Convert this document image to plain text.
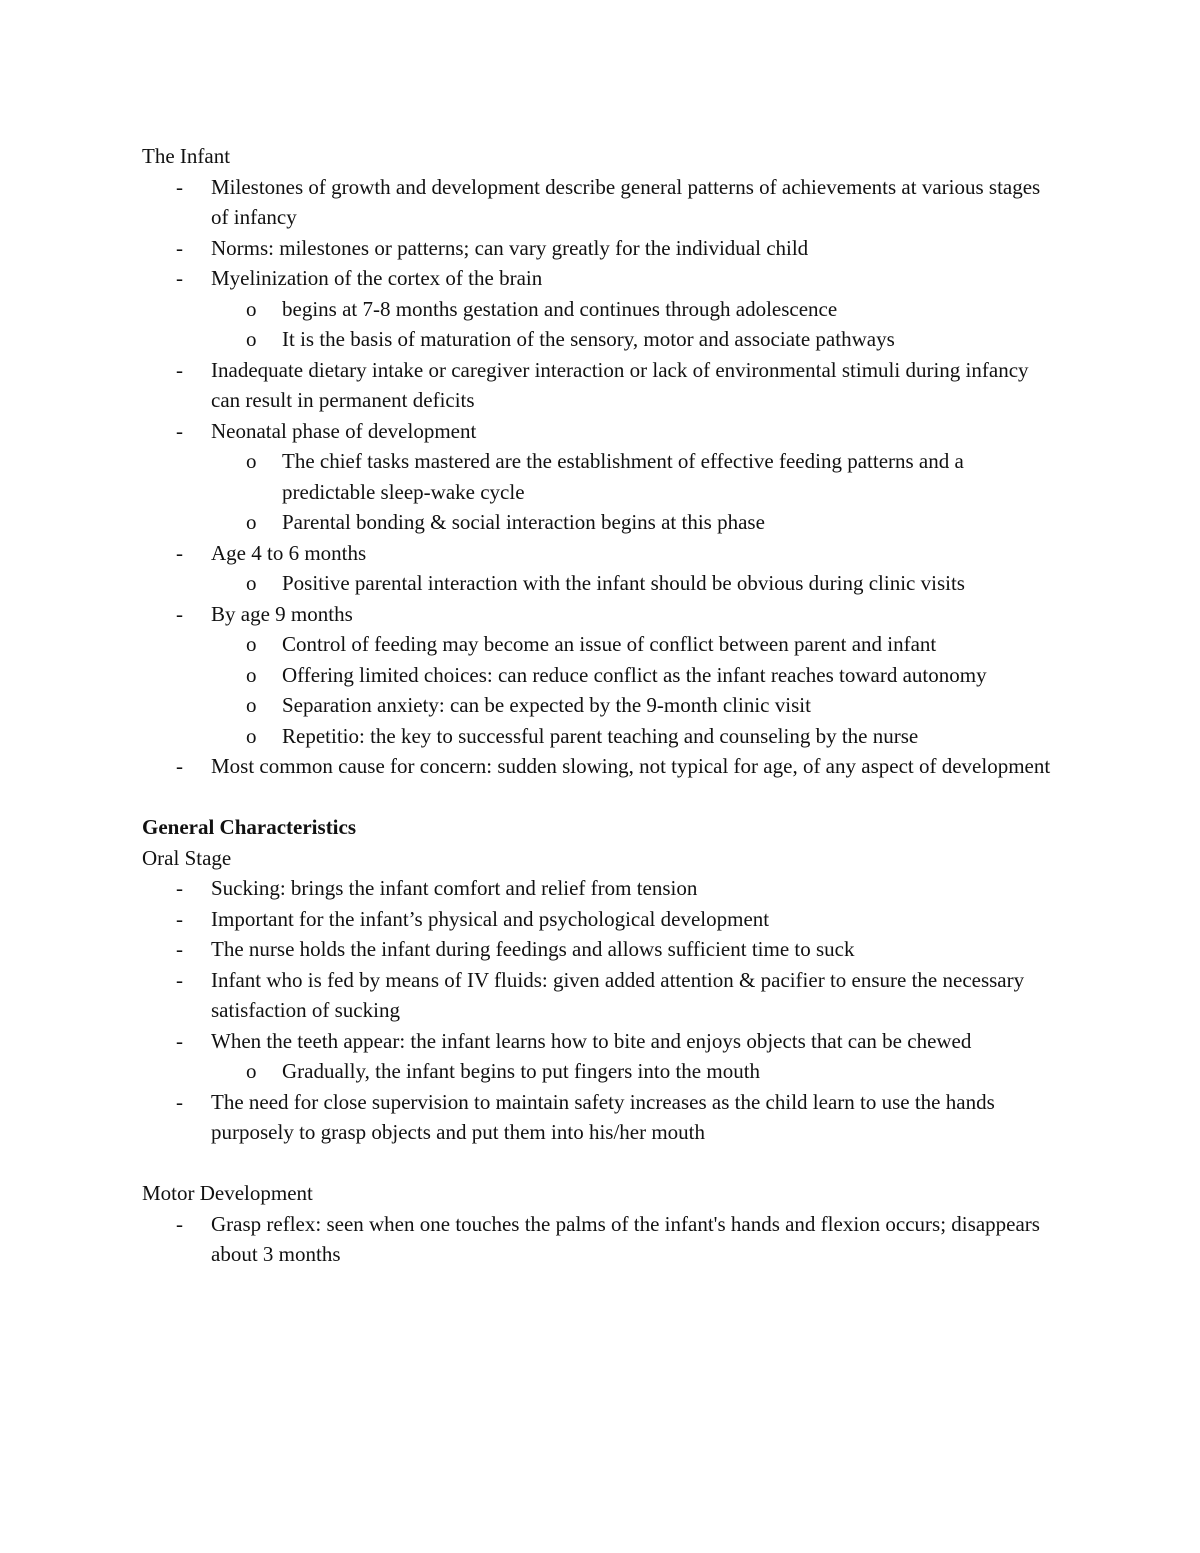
The Infant

- Milestones of growth and development describe general patterns of achievements at various stages of infancy
- Norms: milestones or patterns; can vary greatly for the individual child
- Myelinization of the cortex of the brain
o begins at 7-8 months gestation and continues through adolescence
o It is the basis of maturation of the sensory, motor and associate pathways
- Inadequate dietary intake or caregiver interaction or lack of environmental stimuli during infancy can result in permanent deficits
- Neonatal phase of development
o The chief tasks mastered are the establishment of effective feeding patterns and a predictable sleep-wake cycle
o Parental bonding & social interaction begins at this phase
- Age 4 to 6 months
o Positive parental interaction with the infant should be obvious during clinic visits
- By age 9 months
o Control of feeding may become an issue of conflict between parent and infant
o Offering limited choices: can reduce conflict as the infant reaches toward autonomy
o Separation anxiety: can be expected by the 9-month clinic visit
o Repetitio: the key to successful parent teaching and counseling by the nurse
- Most common cause for concern: sudden slowing, not typical for age, of any aspect of development

General Characteristics

Oral Stage

- Sucking: brings the infant comfort and relief from tension
- Important for the infant’s physical and psychological development
- The nurse holds the infant during feedings and allows sufficient time to suck
- Infant who is fed by means of IV fluids: given added attention & pacifier to ensure the necessary satisfaction of sucking
- When the teeth appear: the infant learns how to bite and enjoys objects that can be chewed
o Gradually, the infant begins to put fingers into the mouth
- The need for close supervision to maintain safety increases as the child learn to use the hands purposely to grasp objects and put them into his/her mouth

Motor Development

- Grasp reflex: seen when one touches the palms of the infant's hands and flexion occurs; disappears about 3 months
